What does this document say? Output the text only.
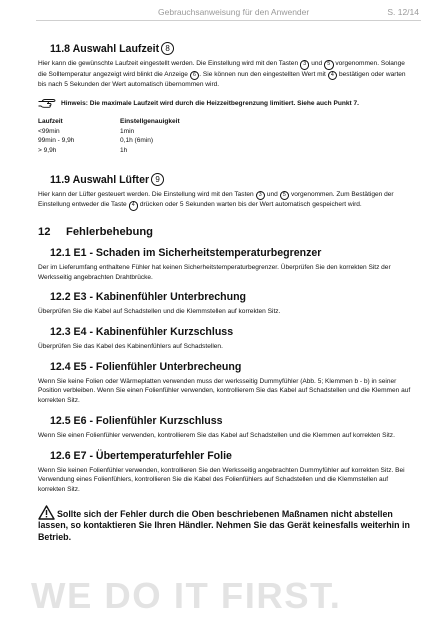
Gebrauchsanweisung für den Anwender	S. 12/14
11.8 Auswahl Laufzeit 8

Hier kann die gewünschte Laufzeit eingestellt werden. Die Einstellung wird mit den Tasten 3 und 5 vorgenommen. Solange die Solltemperatur angezeigt wird blinkt die Anzeige 6 . Sie können nun den eingestellten Wert mit 4 bestätigen oder warten bis nach 5 Sekunden der Wert automatisch übernommen wird.

Hinweis: Die maximale Laufzeit wird durch die Heizzeitbegrenzung limitiert. Siehe auch Punkt 7.
Laufzeit	Einstellgenauigkeit
<99min	1min
99min - 9,9h	0,1h (6min)
> 9,9h	1h
11.9 Auswahl Lüfter 9

Hier kann der Lüfter gesteuert werden. Die Einstellung wird mit den Tasten 3 und 5 vorgenommen. Zum Bestätigen der Einstellung entweder die Taste 4 drücken oder 5 Sekunden warten bis der Wert automatisch gespeichert wird.

12 Fehlerbehebung
12.1 E1 - Schaden im Sicherheitstemperaturbegrenzer

Der im Lieferumfang enthaltene Fühler hat keinen Sicherheitstemperaturbegrenzer. Überprüfen Sie den korrekten Sitz der Werksseitig angebrachten Drahtbrücke.

12.2 E3 - Kabinenfühler Unterbrechung

Überprüfen Sie die Kabel auf Schadstellen und die Klemmstellen auf korrekten Sitz.

12.3 E4 - Kabinenfühler Kurzschluss

Überprüfen Sie das Kabel des Kabinenfühlers auf Schadstellen.

12.4 E5 - Folienfühler Unterbrecheung

Wenn Sie keine Folien oder Wärmeplatten verwenden muss der werksseitig Dummyfühler (Abb. 5; Klemmen b - b) in seiner Position verbleiben. Wenn Sie einen Folienfühler verwenden, kontrollierem Sie das Kabel auf Schadstellen und die Klemmen auf korrekten Sitz.

12.5 E6 - Folienfühler Kurzschluss

Wenn Sie einen Folienfühler verwenden, kontrollierem Sie das Kabel auf Schadstellen und die Klemmen auf korrekten Sitz.

12.6 E7 - Übertemperaturfehler Folie

Wenn Sie keinen Folienfühler verwenden, kontrollieren Sie den Werksseitig angebrachten Dummyfühler auf korrekten Sitz. Bei Verwendung eines Folienfühlers, kontrollieren Sie die Kabel des Folienfühlers auf Schadstellen und die Klemmstellen auf korrekten Sitz.

Sollte sich der Fehler durch die Oben beschriebenen Maßnamen nicht abstellen lassen, so kontaktieren Sie Ihren Händler. Nehmen Sie das Gerät keinesfalls weiterhin in Betrieb.
WE DO IT FIRST.
